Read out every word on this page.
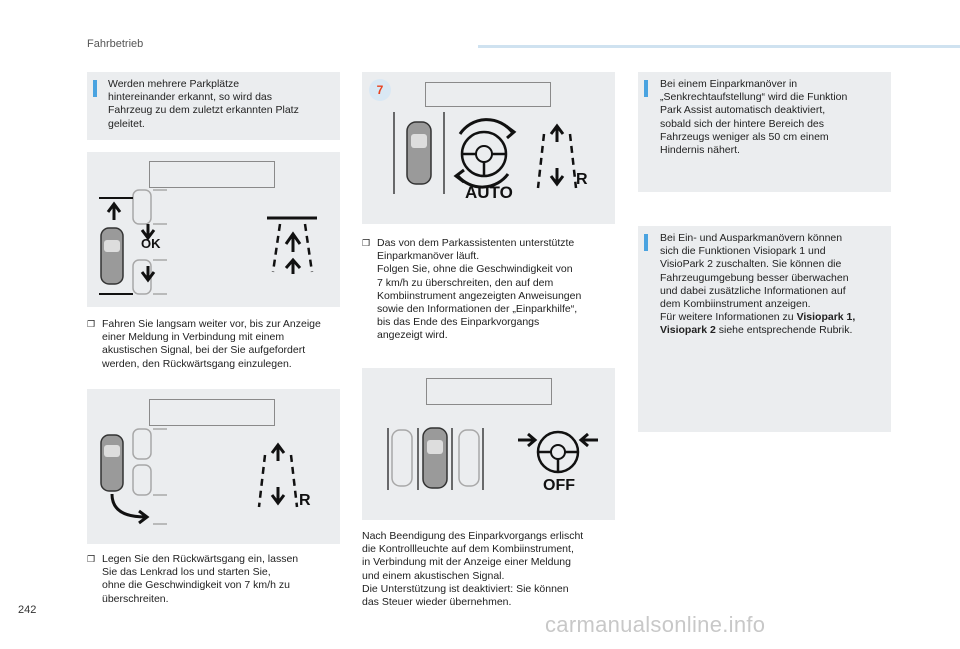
Fahrbetrieb
Werden mehrere Parkplätze
hintereinander erkannt, so wird das
Fahrzeug zu dem zuletzt erkannten Platz
geleitet.
OK
❒ Fahren Sie langsam weiter vor, bis zur Anzeige
einer Meldung in Verbindung mit einem
akustischen Signal, bei der Sie aufgefordert
werden, den Rückwärtsgang einzulegen.
R
❒ Legen Sie den Rückwärtsgang ein, lassen
Sie das Lenkrad los und starten Sie,
ohne die Geschwindigkeit von 7 km/h zu
überschreiten.
7
AUTO
R
❒ Das von dem Parkassistenten unterstützte
Einparkmanöver läuft.
Folgen Sie, ohne die Geschwindigkeit von
7 km/h zu überschreiten, den auf dem
Kombiinstrument angezeigten Anweisungen
sowie den Informationen der „Einparkhilfe“,
bis das Ende des Einparkvorgangs
angezeigt wird.
OFF
Nach Beendigung des Einparkvorgangs erlischt
die Kontrollleuchte auf dem Kombiinstrument,
in Verbindung mit der Anzeige einer Meldung
und einem akustischen Signal.
Die Unterstützung ist deaktiviert: Sie können
das Steuer wieder übernehmen.
Bei einem Einparkmanöver in
„Senkrechtaufstellung“ wird die Funktion
Park Assist automatisch deaktiviert,
sobald sich der hintere Bereich des
Fahrzeugs weniger als 50 cm einem
Hindernis nähert.
Bei Ein- und Ausparkmanövern können
sich die Funktionen Visiopark 1 und
VisioPark 2 zuschalten. Sie können die
Fahrzeugumgebung besser überwachen
und dabei zusätzliche Informationen auf
dem Kombiinstrument anzeigen.
Für weitere Informationen zu Visiopark 1,
Visiopark 2 siehe entsprechende Rubrik.
242
carmanualsonline.info
